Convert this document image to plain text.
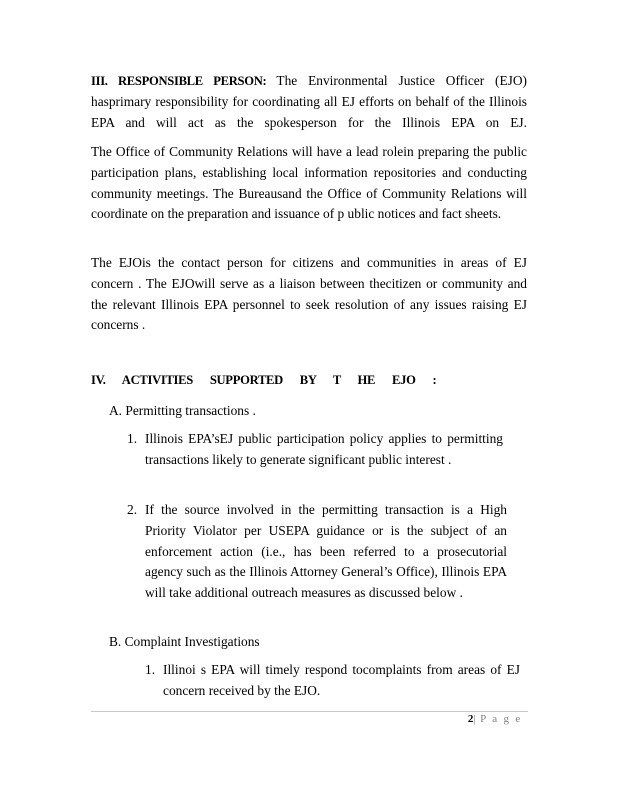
III. RESPONSIBLE PERSON: The Environmental Justice Officer (EJO) hasprimary responsibility for coordinating all EJ efforts on behalf of the Illinois EPA and will act as the spokesperson for the Illinois EPA on EJ.

The Office of Community Relations will have a lead rolein preparing the public participation plans, establishing local information repositories and conducting community meetings. The Bureausand the Office of Community Relations will coordinate on the preparation and issuance of p ublic notices and fact sheets.

The EJOis the contact person for citizens and communities in areas of EJ concern . The EJOwill serve as a liaison between thecitizen or community and the relevant Illinois EPA personnel to seek resolution of any issues raising EJ concerns .

IV. ACTIVITIES SUPPORTED BY T HE EJO :

A. Permitting transactions .

1. Illinois EPA’sEJ public participation policy applies to permitting transactions likely to generate significant public interest .

2. If the source involved in the permitting transaction is a High Priority Violator per USEPA guidance or is the subject of an enforcement action (i.e., has been referred to a prosecutorial agency such as the Illinois Attorney General’s Office), Illinois EPA will take additional outreach measures as discussed below .

B. Complaint Investigations

1. Illinoi s EPA will timely respond tocomplaints from areas of EJ concern received by the EJO.

2| P a g e
